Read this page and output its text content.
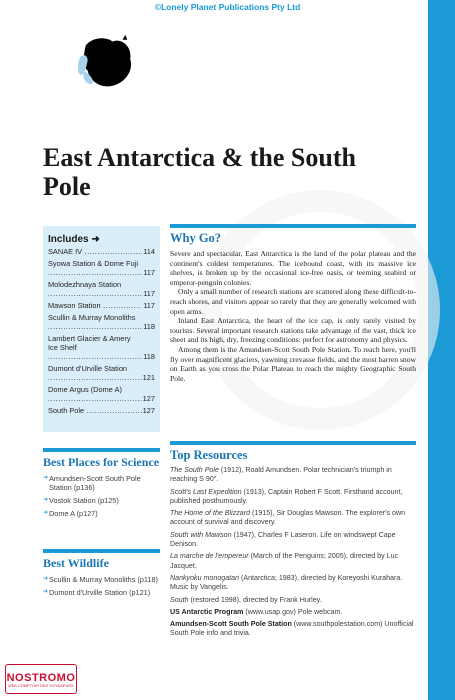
©Lonely Planet Publications Pty Ltd
East Antarctica & the South Pole
Includes ➜
SANAE IV .....	114
Syowa Station & Dome Fuji .....
117
Molodezhnaya Station .....
117
Mawson Station .....	117
Scullin & Murray Monoliths .....
118
Lambert Glacier & Amery Ice Shelf .....
118
Dumont d'Urville Station .....
121
Dome Argus (Dome A) .....
127
South Pole .....	127
Best Places for Science
➜ Amundsen-Scott South Pole Station (p136)
➜ Vostok Station (p125)
➜ Dome A (p127)
Best Wildlife
➜ Scullin & Murray Monoliths (p118)
➜ Dumont d'Urville Station (p121)
Why Go?

Severe and spectacular, East Antarctica is the land of the polar plateau and the continent's coldest temperatures. The icebound coast, with its massive ice shelves, is broken up by the occasional ice-free oasis, or teeming seabird or emperor-penguin colonies.

Only a small number of research stations are scattered along these difficult-to-reach shores, and visitors appear so rarely that they are generally welcomed with open arms.

Inland East Antarctica, the heart of the ice cap, is only rarely visited by tourists. Several important research stations take advantage of the vast, thick ice sheet and its high, dry, freezing conditions: perfect for astronomy and physics.

Among them is the Amundsen-Scott South Pole Station. To reach here, you'll fly over magnificent glaciers, yawning crevasse fields, and the most barren snow on Earth as you cross the Polar Plateau to reach the mighty Geographic South Pole.

Top Resources
The South Pole (1912), Roald Amundsen. Polar technician's triumph in reaching S 90°.
Scott's Last Expedition (1913), Captain Robert F Scott. Firsthand account, published posthumously.
The Home of the Blizzard (1915), Sir Douglas Mawson. The explorer's own account of survival and discovery.
South with Mawson (1947), Charles F Laseron. Life on windswept Cape Denison.
La marche de l'empereur (March of the Penguins; 2005), directed by Luc Jacquet.
Nankyoku monogatari (Antarctica; 1983), directed by Koreyoshi Kurahara. Music by Vangelis.
South (restored 1998), directed by Frank Hurley.
US Antarctic Program (www.usap.gov) Pole webcam.
Amundsen-Scott South Pole Station (www.southpolestation.com) Unofficial South Pole info and trivia.
NOSTROMO
WEB COMPTOIR DES VOYAGEURS
